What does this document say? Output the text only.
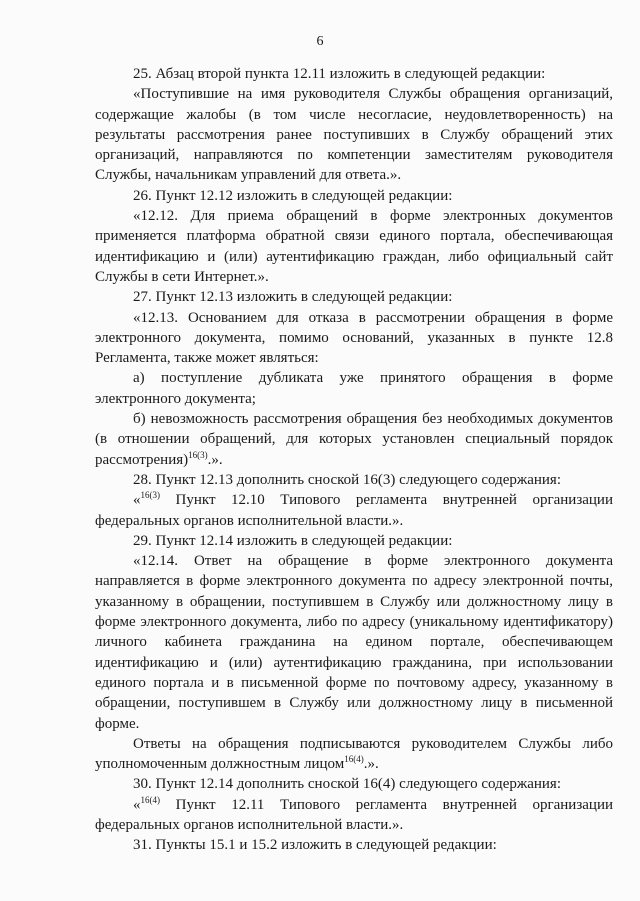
6

25. Абзац второй пункта 12.11 изложить в следующей редакции:

«Поступившие на имя руководителя Службы обращения организаций, содержащие жалобы (в том числе несогласие, неудовлетворенность) на результаты рассмотрения ранее поступивших в Службу обращений этих организаций, направляются по компетенции заместителям руководителя Службы, начальникам управлений для ответа.».

26. Пункт 12.12 изложить в следующей редакции:

«12.12. Для приема обращений в форме электронных документов применяется платформа обратной связи единого портала, обеспечивающая идентификацию и (или) аутентификацию граждан, либо официальный сайт Службы в сети Интернет.».

27. Пункт 12.13 изложить в следующей редакции:

«12.13. Основанием для отказа в рассмотрении обращения в форме электронного документа, помимо оснований, указанных в пункте 12.8 Регламента, также может являться:

а) поступление дубликата уже принятого обращения в форме электронного документа;

б) невозможность рассмотрения обращения без необходимых документов (в отношении обращений, для которых установлен специальный порядок рассмотрения)$^{16(3)}$.».

28. Пункт 12.13 дополнить сноской 16(3) следующего содержания:

«$^{16(3)}$ Пункт 12.10 Типового регламента внутренней организации федеральных органов исполнительной власти.».

29. Пункт 12.14 изложить в следующей редакции:

«12.14. Ответ на обращение в форме электронного документа направляется в форме электронного документа по адресу электронной почты, указанному в обращении, поступившем в Службу или должностному лицу в форме электронного документа, либо по адресу (уникальному идентификатору) личного кабинета гражданина на едином портале, обеспечивающем идентификацию и (или) аутентификацию гражданина, при использовании единого портала и в письменной форме по почтовому адресу, указанному в обращении, поступившем в Службу или должностному лицу в письменной форме.

Ответы на обращения подписываются руководителем Службы либо уполномоченным должностным лицом$^{16(4)}$.».

30. Пункт 12.14 дополнить сноской 16(4) следующего содержания:

«$^{16(4)}$ Пункт 12.11 Типового регламента внутренней организации федеральных органов исполнительной власти.».

31. Пункты 15.1 и 15.2 изложить в следующей редакции:
